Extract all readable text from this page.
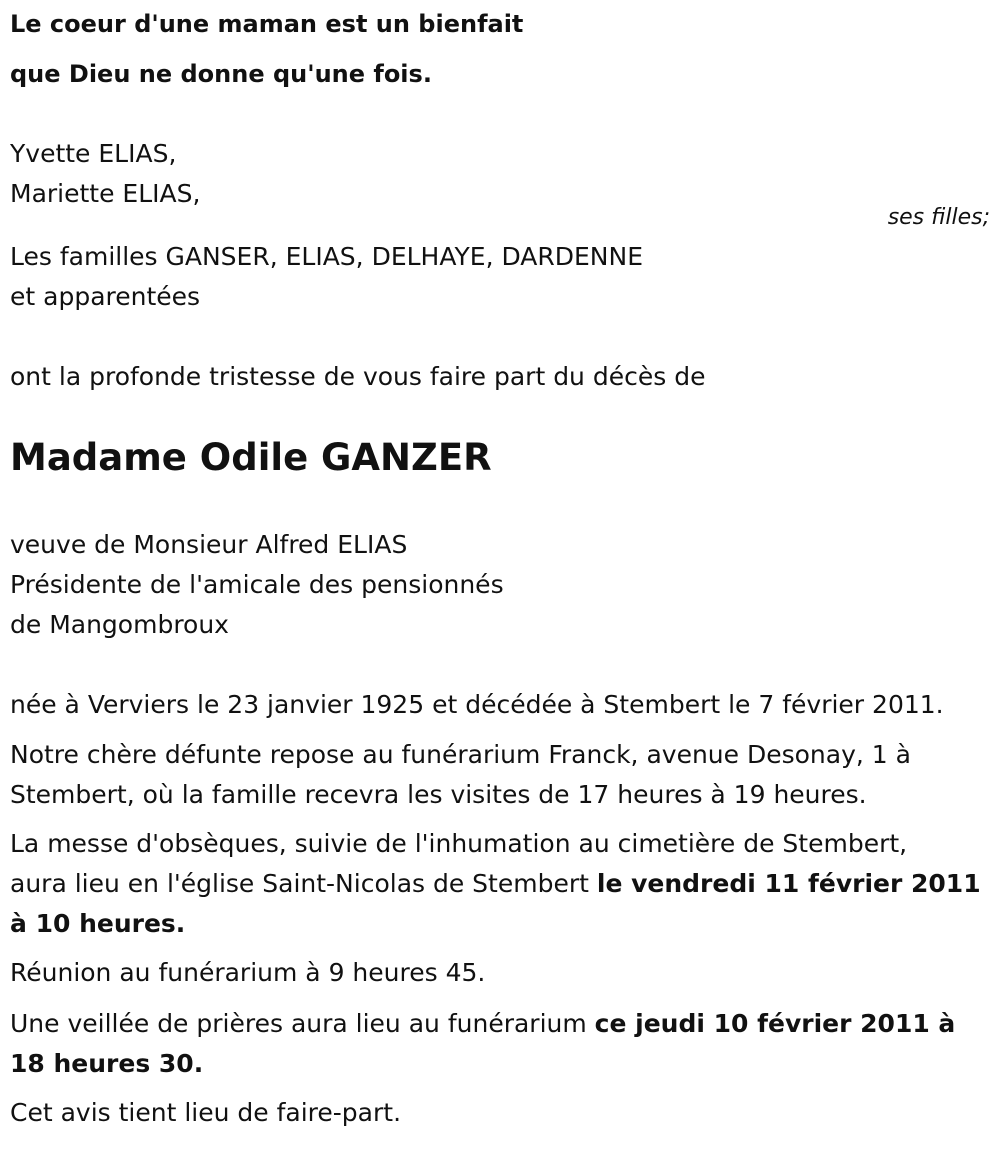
Le coeur d'une maman est un bienfait

que Dieu ne donne qu'une fois.

Yvette ELIAS,

Mariette ELIAS,

ses filles;

Les familles GANSER, ELIAS, DELHAYE, DARDENNE

et apparentées

ont la profonde tristesse de vous faire part du décès de

Madame Odile GANZER

veuve de Monsieur Alfred ELIAS

Présidente de l'amicale des pensionnés

de Mangombroux

née à Verviers le 23 janvier 1925 et décédée à Stembert le 7 février 2011.

Notre chère défunte repose au funérarium Franck, avenue Desonay, 1 à

Stembert, où la famille recevra les visites de 17 heures à 19 heures.

La messe d'obsèques, suivie de l'inhumation au cimetière de Stembert,

aura lieu en l'église Saint-Nicolas de Stembert le vendredi 11 février 2011

à 10 heures.

Réunion au funérarium à 9 heures 45.

Une veillée de prières aura lieu au funérarium ce jeudi 10 février 2011 à

18 heures 30.

Cet avis tient lieu de faire-part.
